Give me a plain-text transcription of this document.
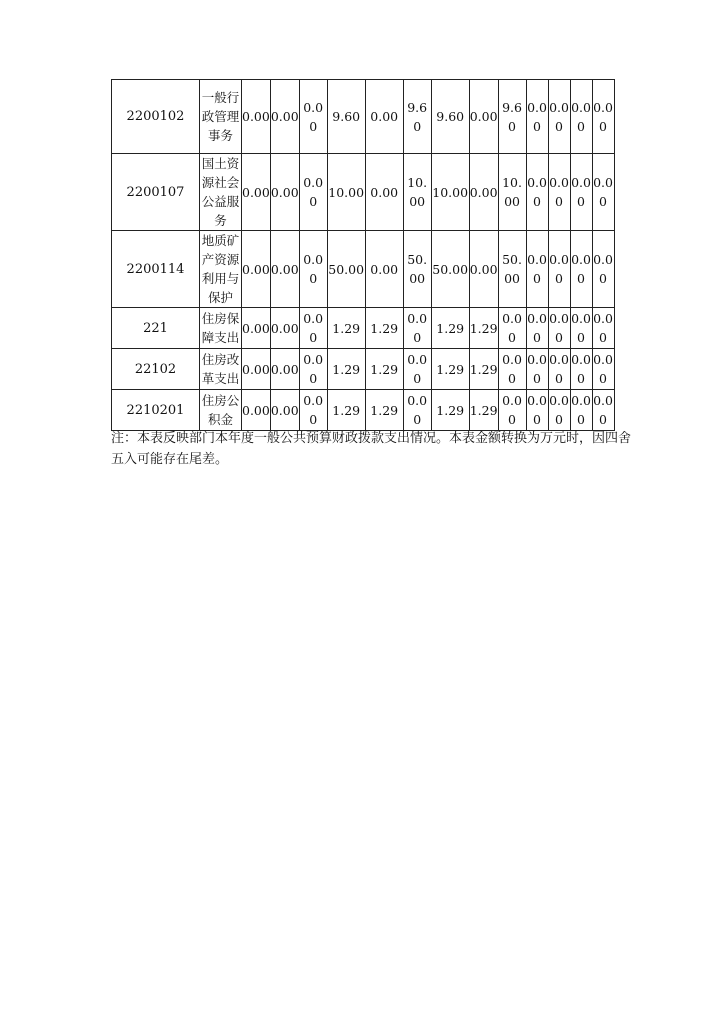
2200102	一般行政管理事务	0.00	0.00	0.00	9.60	0.00	9.60	9.60	0.00	9.60	0.00	0.00	0.00	0.00
2200107	国土资源社会公益服务	0.00	0.00	0.00	10.00	0.00	10.00	10.00	0.00	10.00	0.00	0.00	0.00	0.00
2200114	地质矿产资源利用与保护	0.00	0.00	0.00	50.00	0.00	50.00	50.00	0.00	50.00	0.00	0.00	0.00	0.00
221	住房保障支出	0.00	0.00	0.00	1.29	1.29	0.00	1.29	1.29	0.00	0.00	0.00	0.00	0.00
22102	住房改革支出	0.00	0.00	0.00	1.29	1.29	0.00	1.29	1.29	0.00	0.00	0.00	0.00	0.00
2210201	住房公积金	0.00	0.00	0.00	1.29	1.29	0.00	1.29	1.29	0.00	0.00	0.00	0.00	0.00

注：本表反映部门本年度一般公共预算财政拨款支出情况。本表金额转换为万元时，因四舍五入可能存在尾差。
